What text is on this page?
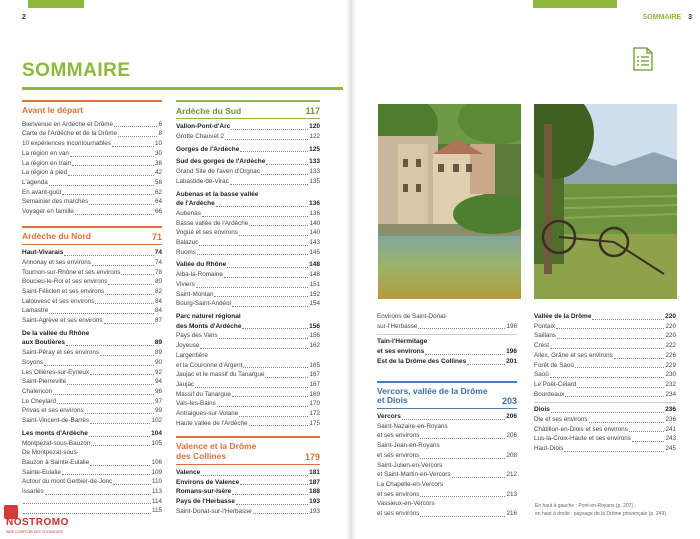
2
SOMMAIRE
Avant le départ
Bienvenue en Ardèche et Drôme	6
Carte de l'Ardèche et de la Drôme	8
10 expériences incontournables	10
La région en van	30
La région en train	38
La région à pied	42
L'agenda	58
En avant-goût	62
Semainier des marchés	64
Voyager en famille	66
Ardèche du Nord	71
Haut-Vivarais	74
Annonay et ses environs	74
Tournon-sur-Rhône et ses environs	78
Boucieu-le-Roi et ses environs	80
Saint-Félicien et ses environs	82
Lalouvesc et ses environs	84
Lamastre	84
Saint-Agrève et ses environs	87
De la vallée du Rhône
aux Boutières	89
Saint-Péray et ses environs	89
Soyons	90
Les Ollières-sur-Eyrieux	92
Saint-Pierreville	94
Chalencon	96
Le Cheylard	97
Privas et ses environs	99
Saint-Vincent-de-Barrès	102
Les monts d'Ardèche	104
Montpezat-sous-Bauzon	105
De Montpezat-sous-
Bauzon à Sainte-Eulalie	106
Sainte-Eulalie	109
Autour du mont Gerbier-de-Jonc	110
Issarlès	113
114
115
Ardèche du Sud	117
Vallon-Pont-d'Arc	120
Grotte Chauvet 2	122
Gorges de l'Ardèche	125
Sud des gorges de l'Ardèche	133
Grand Site de l'aven d'Orgnac	133
Labastide-de-Virac	135
Aubenas et la basse vallée
de l'Ardèche	136
Aubenas	136
Basse vallée de l'Ardèche	140
Vogüé et ses environs	140
Balazuc	143
Ruoms	145
Vallée du Rhône	148
Alba-la-Romaine	148
Viviers	151
Saint-Montan	152
Bourg-Saint-Andéol	154
Parc naturel régional
des Monts d'Ardèche	156
Pays des Vans	156
Joyeuse	162
Largentière
et la Couronne d'Argent	165
Jaujac et le massif du Tanargue	167
Jaujac	167
Massif du Tanargue	169
Vals-les-Bains	170
Antraigues-sur-Volane	172
Haute vallée de l'Ardèche	175
Valence et la Drôme
des Collines	179
Valence	181
Environs de Valence	187
Romans-sur-Isère	188
Pays de l'Herbasse	193
Saint-Donat-sur-l'Herbasse	193
NOSTROMO
WEB COMPTOIR DES VOYAGEURS
SOMMAIRE 3
Environs de Saint-Donat-
sur-l'Herbasse	196
Tain-l'Hermitage
et ses environs	196
Est de la Drôme des Collines	201
Vercors, vallée de la Drôme
et Diois	203
Vercors	206
Saint-Nazaire-en-Royans
et ses environs	206
Saint-Jean-en-Royans
et ses environs	208
Saint-Julien-en-Vercors
et Saint-Martin-en-Vercors	212
La Chapelle-en-Vercors
et ses environs	213
Vassieux-en-Vercors
et ses environs	216
Vallée de la Drôme	220
Pontaix	220
Saillans	220
Crest	222
Allex, Grâne et ses environs	226
Forêt de Saoû	229
Saoû	230
Le Poët-Célard	232
Bourdeaux	234
Diois	236
Die et ses environs	236
Châtillon-en-Diois et ses environs	241
Lus-la-Croix-Haute et ses environs	243
Haut-Diois	245
En haut à gauche : Pont-en-Royans (p. 207) ;
en haut à droite : paysage de la Drôme provençale (p. 249).
